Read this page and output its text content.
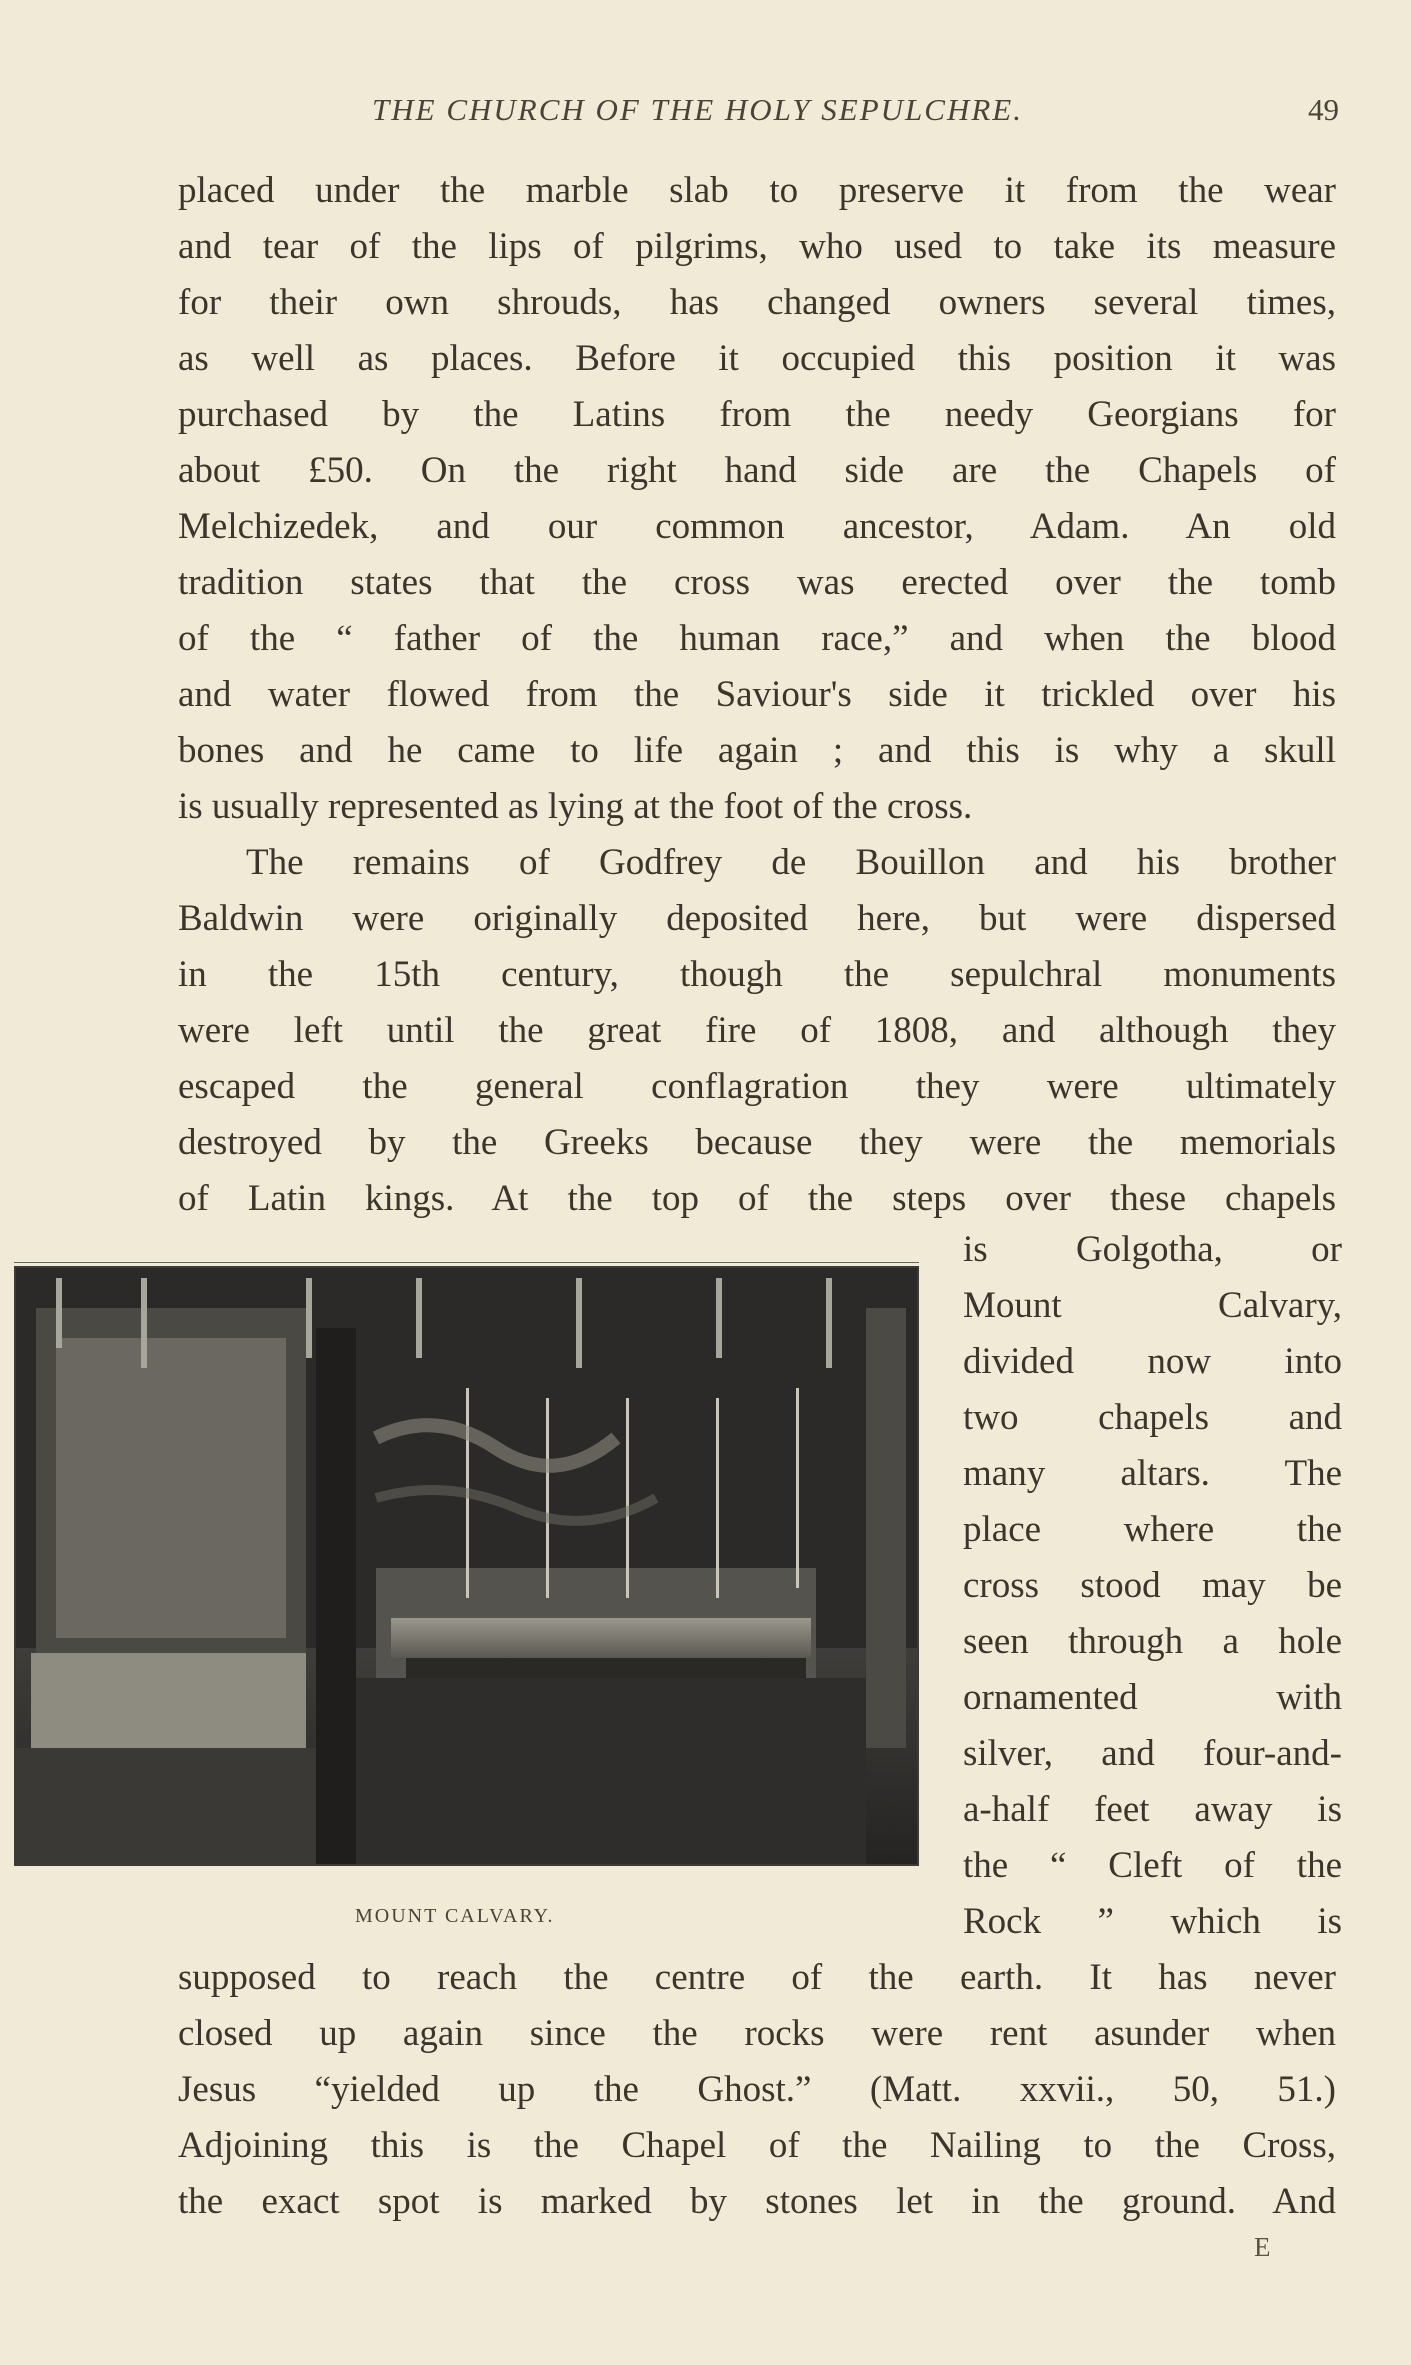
THE CHURCH OF THE HOLY SEPULCHRE.	49
placed under the marble slab to preserve it from the wear
and tear of the lips of pilgrims, who used to take its measure
for their own shrouds, has changed owners several times,
as well as places. Before it occupied this position it was
purchased by the Latins from the needy Georgians for
about £50. On the right hand side are the Chapels of
Melchizedek, and our common ancestor, Adam. An old
tradition states that the cross was erected over the tomb
of the “ father of the human race,” and when the blood
and water flowed from the Saviour's side it trickled over his
bones and he came to life again ; and this is why a skull
is usually represented as lying at the foot of the cross.
The remains of Godfrey de Bouillon and his brother
Baldwin were originally deposited here, but were dispersed
in the 15th century, though the sepulchral monuments
were left until the great fire of 1808, and although they
escaped the general conflagration they were ultimately
destroyed by the Greeks because they were the memorials
of Latin kings. At the top of the steps over these chapels
MOUNT CALVARY.
is Golgotha, or
Mount Calvary,
divided now into
two chapels and
many altars. The
place where the
cross stood may be
seen through a hole
ornamented with
silver, and four-and-
a-half feet away is
the “ Cleft of the
Rock ” which is
supposed to reach the centre of the earth. It has never
closed up again since the rocks were rent asunder when
Jesus “yielded up the Ghost.” (Matt. xxvii., 50, 51.)
Adjoining this is the Chapel of the Nailing to the Cross,
the exact spot is marked by stones let in the ground. And
E
